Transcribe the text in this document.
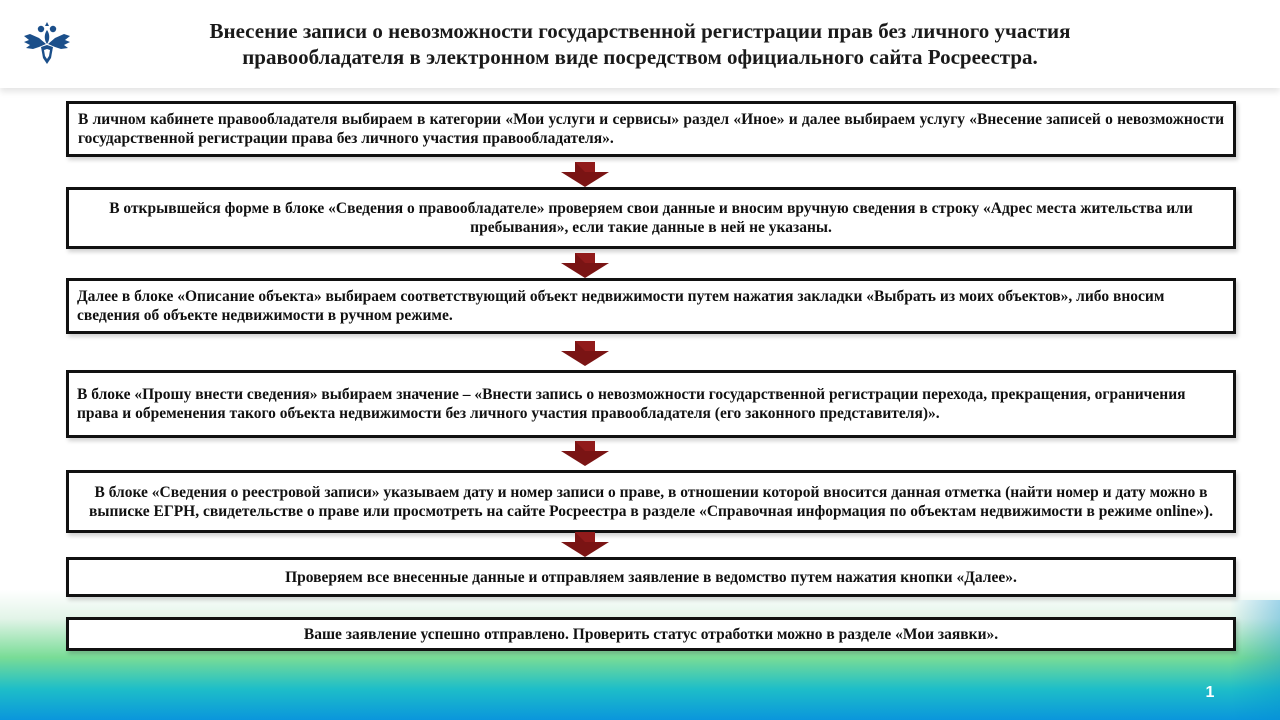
Внесение записи о невозможности государственной регистрации прав без личного участия
правообладателя в электронном виде посредством официального сайта Росреестра.
В личном кабинете правообладателя выбираем в категории «Мои услуги и сервисы» раздел «Иное» и далее выбираем услугу «Внесение записей о невозможности государственной регистрации права без личного участия правообладателя».
В открывшейся форме в блоке «Сведения о правообладателе» проверяем свои данные и вносим вручную сведения в строку «Адрес места жительства или пребывания», если такие данные в ней не указаны.
Далее в блоке «Описание объекта» выбираем соответствующий объект недвижимости путем нажатия закладки «Выбрать из моих объектов», либо вносим сведения об объекте недвижимости в ручном режиме.
В блоке «Прошу внести сведения» выбираем значение – «Внести запись о невозможности государственной регистрации перехода, прекращения, ограничения права и обременения такого объекта недвижимости без личного участия правообладателя (его законного представителя)».
В блоке «Сведения о реестровой записи» указываем дату и номер записи о праве, в отношении которой вносится данная отметка (найти номер и дату можно в выписке ЕГРН, свидетельстве о праве или просмотреть на сайте Росреестра в разделе «Справочная информация по объектам недвижимости в режиме online»).
Проверяем все внесенные данные и отправляем заявление в ведомство путем нажатия кнопки «Далее».
Ваше заявление успешно отправлено. Проверить статус отработки можно в разделе «Мои заявки».
1
